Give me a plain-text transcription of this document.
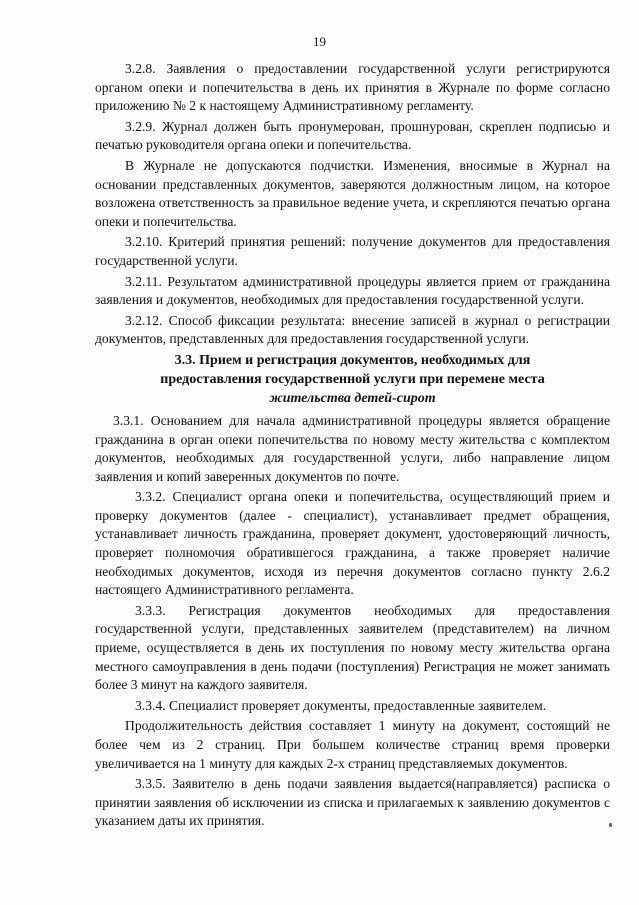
19

3.2.8. Заявления о предоставлении государственной услуги регистрируются органом опеки и попечительства в день их принятия в Журнале по форме согласно приложению № 2 к настоящему Административному регламенту.

3.2.9. Журнал должен быть пронумерован, прошнурован, скреплен подписью и печатью руководителя органа опеки и попечительства.

В Журнале не допускаются подчистки. Изменения, вносимые в Журнал на основании представленных документов, заверяются должностным лицом, на которое возложена ответственность за правильное ведение учета, и скрепляются печатью органа опеки и попечительства.

3.2.10. Критерий принятия решений: получение документов для предоставления государственной услуги.

3.2.11. Результатом административной процедуры является прием от гражданина заявления и документов, необходимых для предоставления государственной услуги.

3.2.12. Способ фиксации результата: внесение записей в журнал о регистрации документов, представленных для предоставления государственной услуги.

3.3. Прием и регистрация документов, необходимых для
предоставления государственной услуги при перемене места
жительства детей-сирот

3.3.1. Основанием для начала административной процедуры является обращение гражданина в орган опеки попечительства по новому месту жительства с комплектом документов, необходимых для государственной услуги, либо направление лицом заявления и копий заверенных документов по почте.

3.3.2. Специалист органа опеки и попечительства, осуществляющий прием и проверку документов (далее - специалист), устанавливает предмет обращения, устанавливает личность гражданина, проверяет документ, удостоверяющий личность, проверяет полномочия обратившегося гражданина, а также проверяет наличие необходимых документов, исходя из перечня документов согласно пункту 2.6.2 настоящего Административного регламента.

3.3.3. Регистрация документов необходимых для предоставления государственной услуги, представленных заявителем (представителем) на личном приеме, осуществляется в день их поступления по новому месту жительства органа местного самоуправления в день подачи (поступления) Регистрация не может занимать более 3 минут на каждого заявителя.

3.3.4. Специалист проверяет документы, предоставленные заявителем.

Продолжительность действия составляет 1 минуту на документ, состоящий не более чем из 2 страниц. При большем количестве страниц время проверки увеличивается на 1 минуту для каждых 2-х страниц представляемых документов.

3.3.5. Заявителю в день подачи заявления выдается(направляется) расписка о принятии заявления об исключении из списка и прилагаемых к заявлению документов с указанием даты их принятия.
